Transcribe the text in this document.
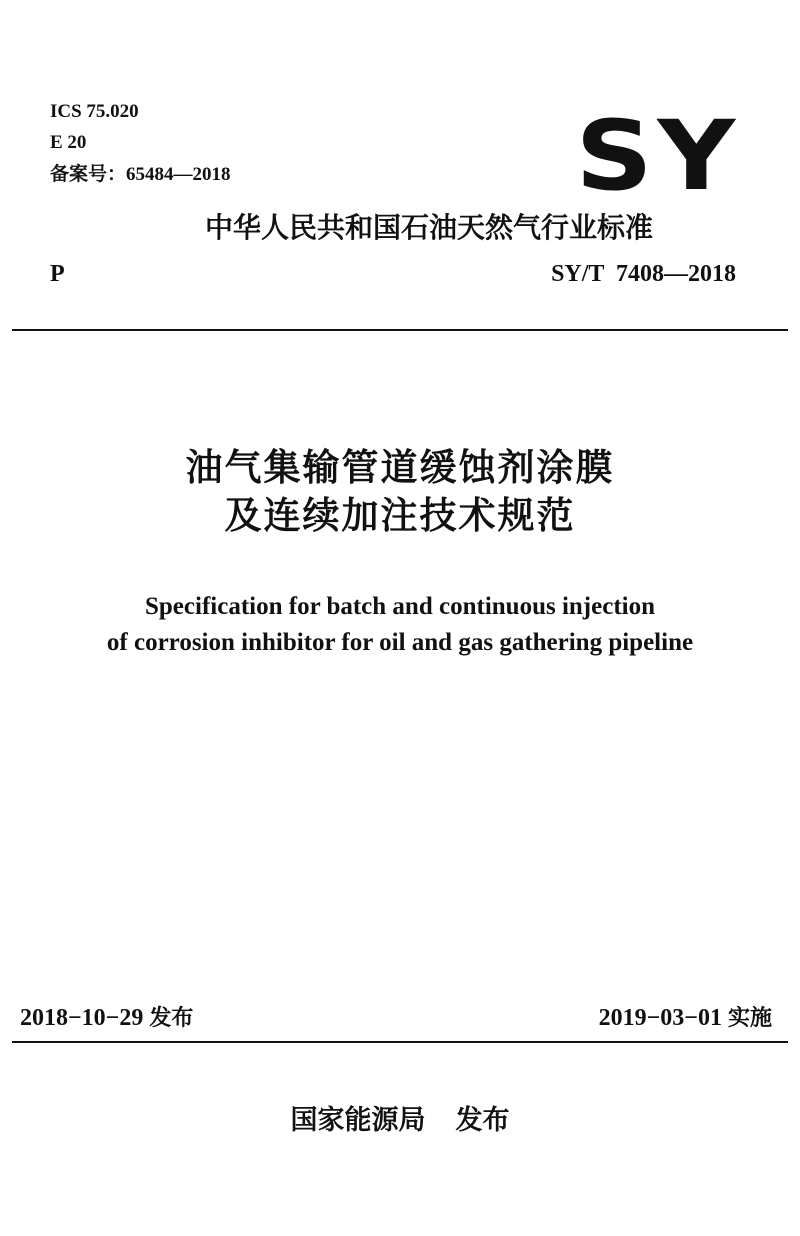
ICS 75.020
E 20
备案号：65484—2018	SY
中华人民共和国石油天然气行业标准
P	SY/T 7408—2018
油气集输管道缓蚀剂涂膜
及连续加注技术规范
Specification for batch and continuous injection
of corrosion inhibitor for oil and gas gathering pipeline
2018−10−29 发布	2019−03−01 实施
国家能源局 发布
